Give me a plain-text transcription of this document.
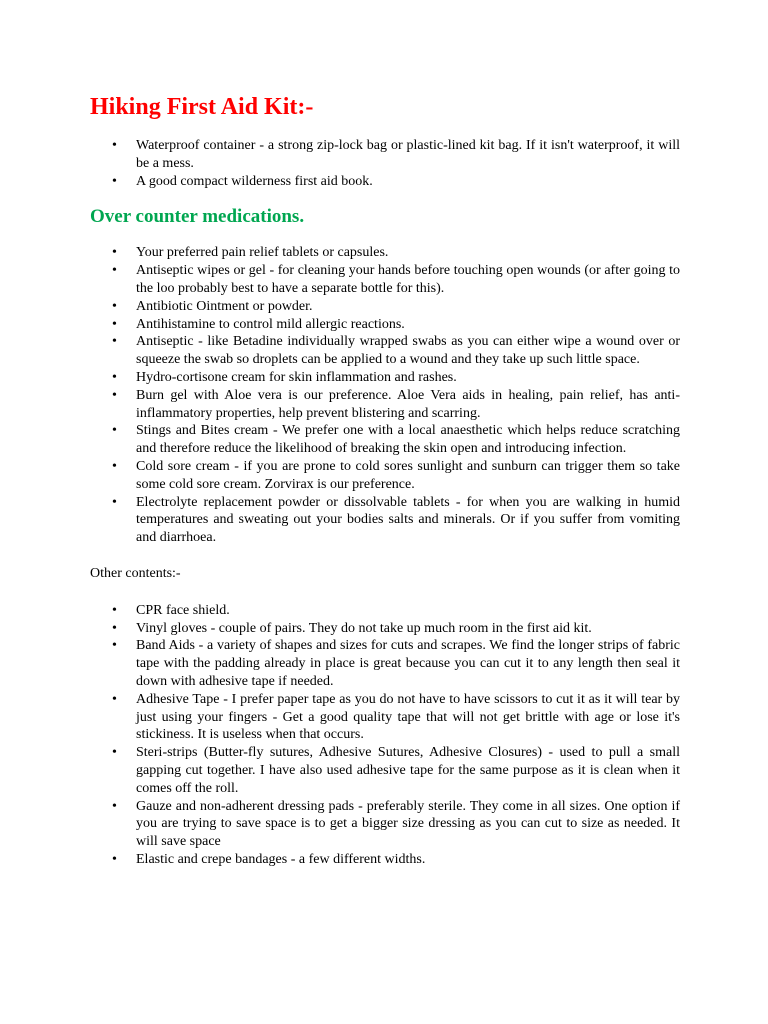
Hiking First Aid Kit:-
• Waterproof container - a strong zip-lock bag or plastic-lined kit bag. If it isn't waterproof, it will be a mess.
• A good compact wilderness first aid book.
Over counter medications.
• Your preferred pain relief tablets or capsules.
• Antiseptic wipes or gel - for cleaning your hands before touching open wounds (or after going to the loo probably best to have a separate bottle for this).
• Antibiotic Ointment or powder.
• Antihistamine to control mild allergic reactions.
• Antiseptic - like Betadine individually wrapped swabs as you can either wipe a wound over or squeeze the swab so droplets can be applied to a wound and they take up such little space.
• Hydro-cortisone cream for skin inflammation and rashes.
• Burn gel with Aloe vera is our preference. Aloe Vera aids in healing, pain relief, has anti-inflammatory properties, help prevent blistering and scarring.
• Stings and Bites cream - We prefer one with a local anaesthetic which helps reduce scratching and therefore reduce the likelihood of breaking the skin open and introducing infection.
• Cold sore cream - if you are prone to cold sores sunlight and sunburn can trigger them so take some cold sore cream. Zorvirax is our preference.
• Electrolyte replacement powder or dissolvable tablets - for when you are walking in humid temperatures and sweating out your bodies salts and minerals. Or if you suffer from vomiting and diarrhoea.

Other contents:-

• CPR face shield.
• Vinyl gloves - couple of pairs. They do not take up much room in the first aid kit.
• Band Aids - a variety of shapes and sizes for cuts and scrapes. We find the longer strips of fabric tape with the padding already in place is great because you can cut it to any length then seal it down with adhesive tape if needed.
• Adhesive Tape - I prefer paper tape as you do not have to have scissors to cut it as it will tear by just using your fingers - Get a good quality tape that will not get brittle with age or lose it's stickiness. It is useless when that occurs.
• Steri-strips (Butter-fly sutures, Adhesive Sutures, Adhesive Closures) - used to pull a small gapping cut together. I have also used adhesive tape for the same purpose as it is clean when it comes off the roll.
• Gauze and non-adherent dressing pads - preferably sterile. They come in all sizes. One option if you are trying to save space is to get a bigger size dressing as you can cut to size as needed. It will save space
• Elastic and crepe bandages - a few different widths.
